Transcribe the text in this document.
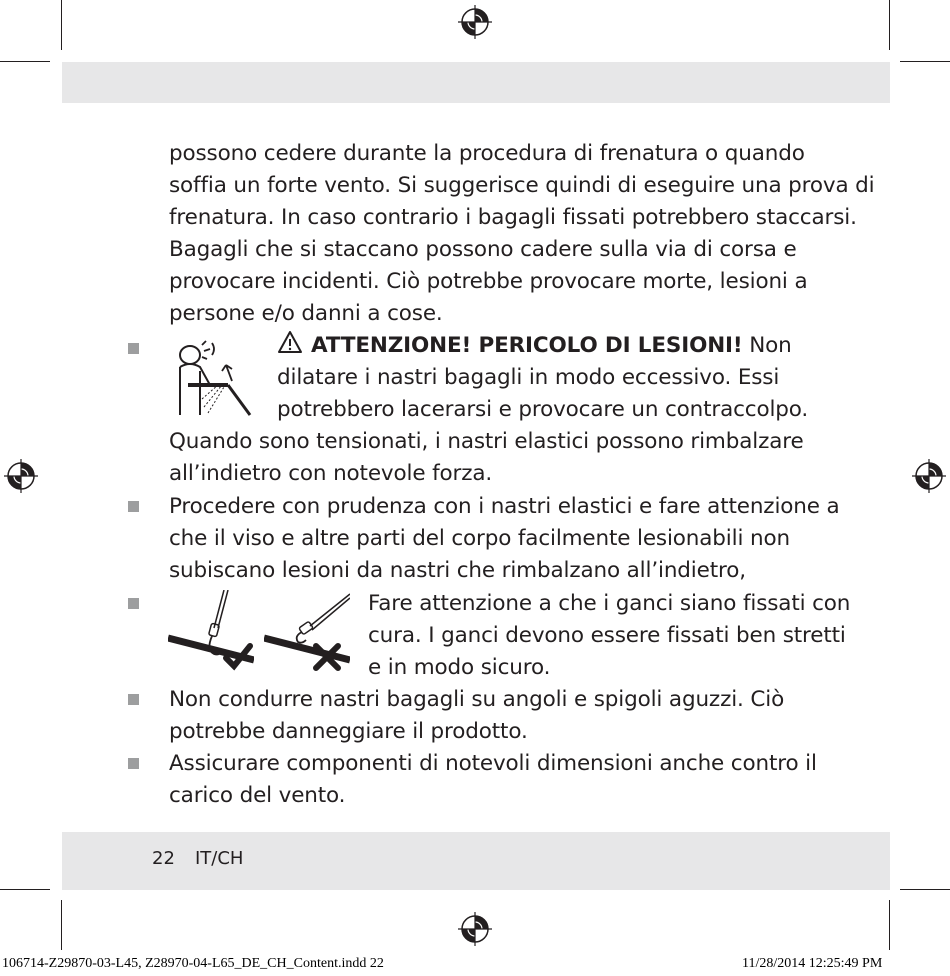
possono cedere durante la procedura di frenatura o quando
soffia un forte vento. Si suggerisce quindi di eseguire una prova di
frenatura. In caso contrario i bagagli fissati potrebbero staccarsi.
Bagagli che si staccano possono cadere sulla via di corsa e
provocare incidenti. Ciò potrebbe provocare morte, lesioni a
persone e/o danni a cose.
ATTENZIONE! PERICOLO DI LESIONI! Non
dilatare i nastri bagagli in modo eccessivo. Essi
potrebbero lacerarsi e provocare un contraccolpo.
Quando sono tensionati, i nastri elastici possono rimbalzare
all’indietro con notevole forza.
Procedere con prudenza con i nastri elastici e fare attenzione a
che il viso e altre parti del corpo facilmente lesionabili non
subiscano lesioni da nastri che rimbalzano all’indietro,
Fare attenzione a che i ganci siano fissati con
cura. I ganci devono essere fissati ben stretti
e in modo sicuro.
Non condurre nastri bagagli su angoli e spigoli aguzzi. Ciò
potrebbe danneggiare il prodotto.
Assicurare componenti di notevoli dimensioni anche contro il
carico del vento.
22 IT/CH
106714-Z29870-03-L45, Z28970-04-L65_DE_CH_Content.indd 22	11/28/2014 12:25:49 PM
